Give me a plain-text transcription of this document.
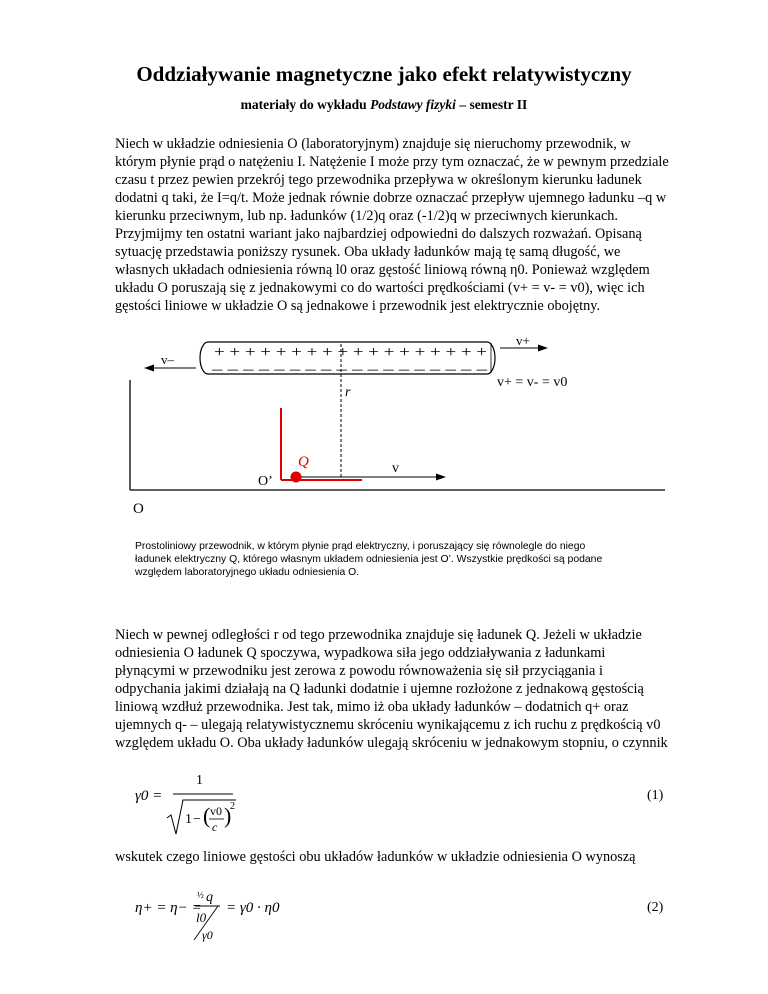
Oddziaływanie magnetyczne jako efekt relatywistyczny
materiały do wykładu Podstawy fizyki – semestr II

Niech w układzie odniesienia O (laboratoryjnym) znajduje się nieruchomy przewodnik, w

którym płynie prąd o natężeniu I. Natężenie I może przy tym oznaczać, że w pewnym przedziale

czasu t przez pewien przekrój tego przewodnika przepływa w określonym kierunku ładunek

dodatni q taki, że I=q/t. Może jednak równie dobrze oznaczać przepływ ujemnego ładunku –q w

kierunku przeciwnym, lub np. ładunków (1/2)q oraz (-1/2)q w przeciwnych kierunkach.

Przyjmijmy ten ostatni wariant jako najbardziej odpowiedni do dalszych rozważań. Opisaną

sytuację przedstawia poniższy rysunek. Oba układy ładunków mają tę samą długość, we

własnych układach odniesienia równą l0 oraz gęstość liniową równą η0. Ponieważ względem

układu O poruszają się z jednakowymi co do wartości prędkościami (v+ = v- = v0), więc ich

gęstości liniowe w układzie O są jednakowe i przewodnik jest elektrycznie obojętny.

+ + + + + + + + + + + + + + + + + +
– – – – – – – – – – – – – – – – – –
v–
v+
v+ = v- = v0
r
Q	v
O’
O

Prostoliniowy przewodnik, w którym płynie prąd elektryczny, i poruszający się równolegle do niego

ładunek elektryczny Q, którego własnym układem odniesienia jest O’. Wszystkie prędkości są podane

względem laboratoryjnego układu odniesienia O.

Niech w pewnej odległości r od tego przewodnika znajduje się ładunek Q. Jeżeli w układzie

odniesienia O ładunek Q spoczywa, wypadkowa siła jego oddziaływania z ładunkami

płynącymi w przewodniku jest zerowa z powodu równoważenia się sił przyciągania i

odpychania jakimi działają na Q ładunki dodatnie i ujemne rozłożone z jednakową gęstością

liniową wzdłuż przewodnika. Jest tak, mimo iż oba układy ładunków – dodatnich q+ oraz

ujemnych q- – ulegają relatywistycznemu skróceniu wynikającemu z ich ruchu z prędkością v0

względem układu O. Oba układy ładunków ulegają skróceniu w jednakowym stopniu, o czynnik

γ0 =
1
1 − ( v0
c )
2
(1)

wskutek czego liniowe gęstości obu układów ładunków w układzie odniesienia O wynoszą

η+ = η− =
½ q
l0
γ0
= γ0 · η0	(2)
